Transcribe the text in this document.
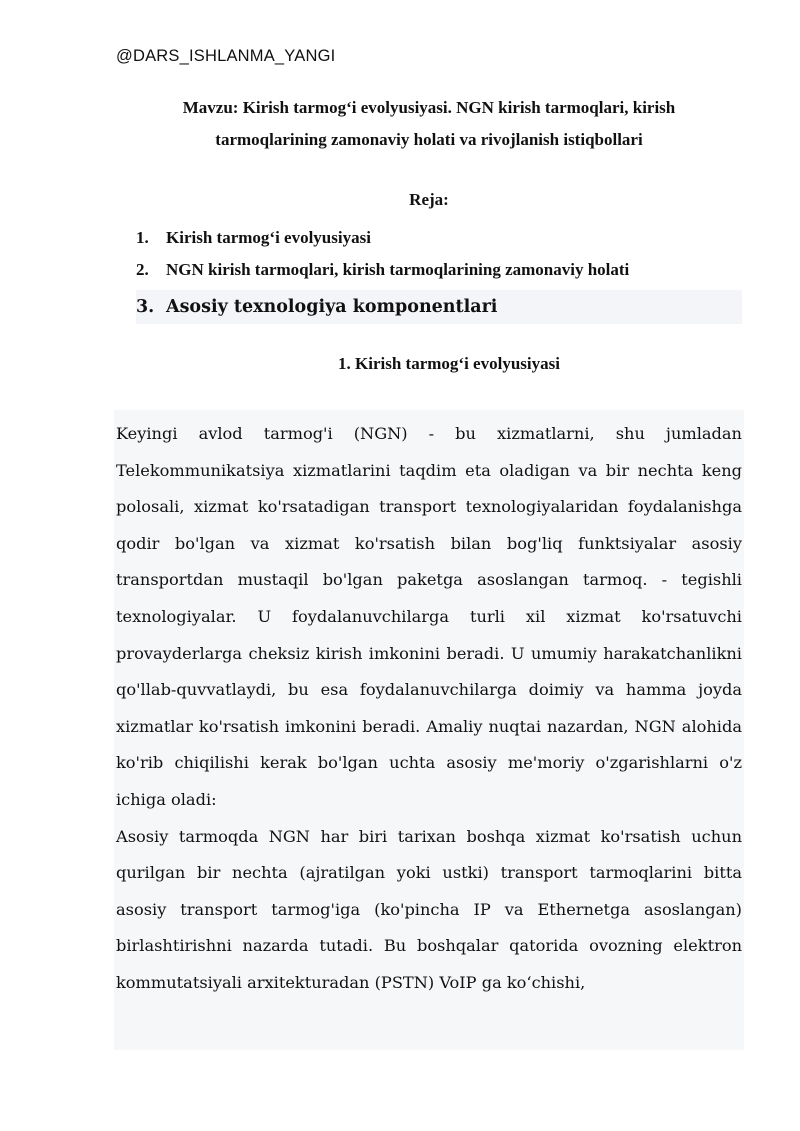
@DARS_ISHLANMA_YANGI
Mavzu: Kirish tarmog‘i evolyusiyasi. NGN kirish tarmoqlari, kirish
tarmoqlarining zamonaviy holati va rivojlanish istiqbollari
Reja:
1.	Kirish tarmog‘i evolyusiyasi
2.	NGN kirish tarmoqlari, kirish tarmoqlarining zamonaviy holati
3. Asosiy texnologiya komponentlari
1. Kirish tarmog‘i evolyusiyasi

Keyingi avlod tarmog'i (NGN) - bu xizmatlarni, shu jumladan Telekommunikatsiya xizmatlarini taqdim eta oladigan va bir nechta keng polosali, xizmat ko'rsatadigan transport texnologiyalaridan foydalanishga qodir bo'lgan va xizmat ko'rsatish bilan bog'liq funktsiyalar asosiy transportdan mustaqil bo'lgan paketga asoslangan tarmoq. - tegishli texnologiyalar. U foydalanuvchilarga turli xil xizmat ko'rsatuvchi provayderlarga cheksiz kirish imkonini beradi. U umumiy harakatchanlikni qo'llab-quvvatlaydi, bu esa foydalanuvchilarga doimiy va hamma joyda xizmatlar ko'rsatish imkonini beradi. Amaliy nuqtai nazardan, NGN alohida ko'rib chiqilishi kerak bo'lgan uchta asosiy me'moriy o'zgarishlarni o'z ichiga oladi:

Asosiy tarmoqda NGN har biri tarixan boshqa xizmat ko'rsatish uchun qurilgan bir nechta (ajratilgan yoki ustki) transport tarmoqlarini bitta asosiy transport tarmog'iga (ko'pincha IP va Ethernetga asoslangan) birlashtirishni nazarda tutadi. Bu boshqalar qatorida ovozning elektron kommutatsiyali arxitekturadan (PSTN) VoIP ga ko‘chishi,
